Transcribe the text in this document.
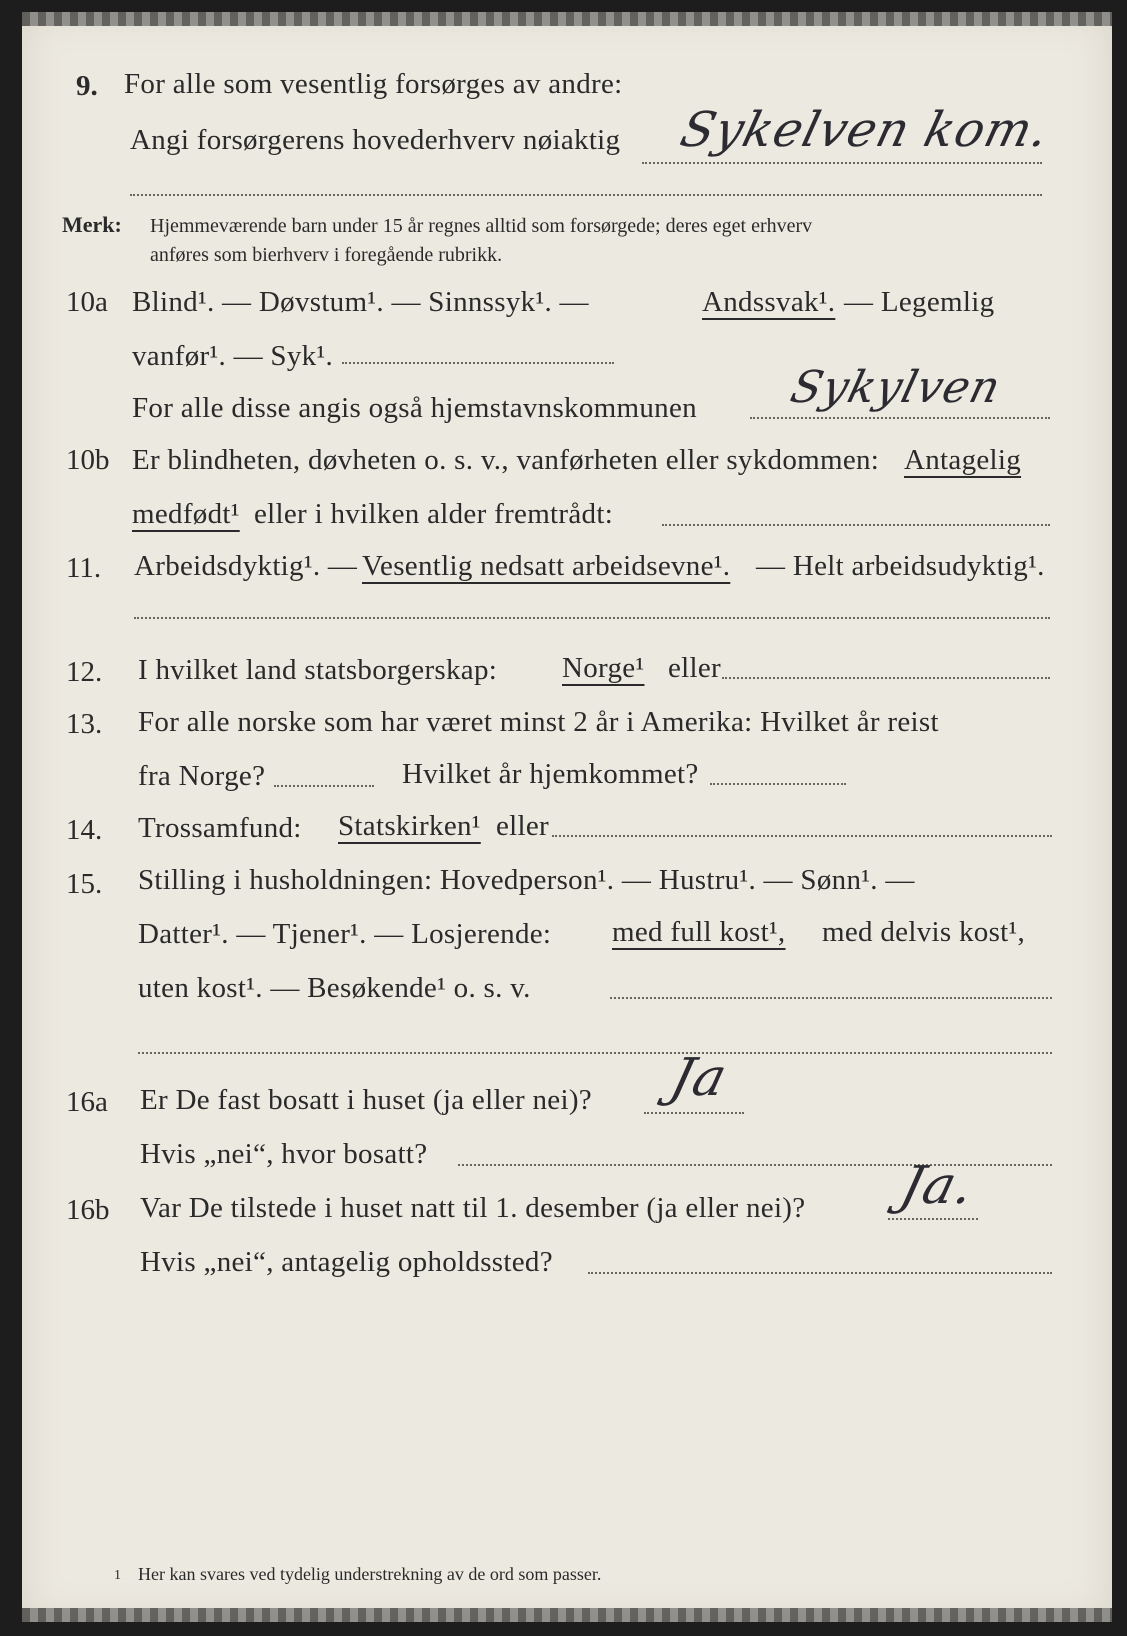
9. For alle som vesentlig forsørges av andre:
Angi forsørgerens hovederhverv nøiaktig Sykelven kom.
Merk: Hjemmeværende barn under 15 år regnes alltid som forsørgede; deres eget erhverv
anføres som bierhverv i foregående rubrikk.
10a Blind¹. — Døvstum¹. — Sinnssyk¹. —	Andssvak¹. — Legemlig
vanfør¹. — Syk¹.
For alle disse angis også hjemstavnskommunen Sykylven
10b Er blindheten, døvheten o. s. v., vanførheten eller sykdommen: Antagelig
medfødt¹ eller i hvilken alder fremtrådt:
11. Arbeidsdyktig¹. — Vesentlig nedsatt arbeidsevne¹. — Helt arbeidsudyktig¹.
12. I hvilket land statsborgerskap: Norge¹ eller
13. For alle norske som har været minst 2 år i Amerika: Hvilket år reist
fra Norge?	Hvilket år hjemkommet?
14. Trossamfund: Statskirken¹ eller
15. Stilling i husholdningen: Hovedperson¹. — Hustru¹. — Sønn¹. —
Datter¹. — Tjener¹. — Losjerende: med full kost¹, med delvis kost¹,
uten kost¹. — Besøkende¹ o. s. v.
16a Er De fast bosatt i huset (ja eller nei)? Ja
Hvis „nei“, hvor bosatt?
16b Var De tilstede i huset natt til 1. desember (ja eller nei)? Ja.
Hvis „nei“, antagelig opholdssted?
1 Her kan svares ved tydelig understrekning av de ord som passer.
